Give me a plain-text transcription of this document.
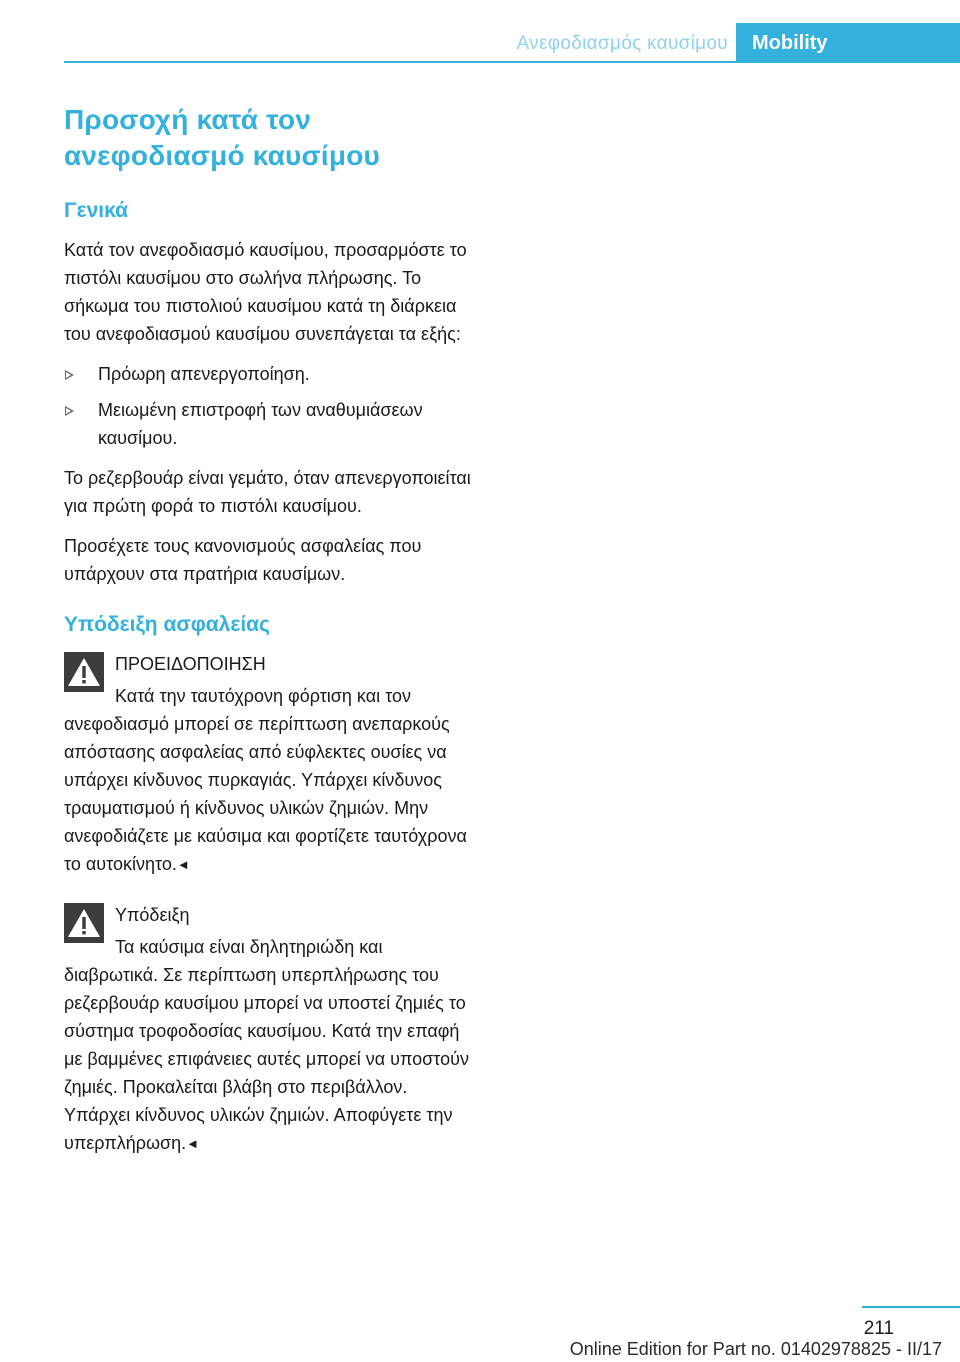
Ανεφοδιασμός καυσίμου	Mobility
Προσοχή κατά τον ανεφοδιασμό καυσίμου
Γενικά

Κατά τον ανεφοδιασμό καυσίμου, προσαρμόστε το πιστόλι καυσίμου στο σωλήνα πλήρωσης. Το σήκωμα του πιστολιού καυσίμου κατά τη διάρκεια του ανεφοδιασμού καυσίμου συνεπάγεται τα εξής:

Πρόωρη απενεργοποίηση.
Μειωμένη επιστροφή των αναθυμιάσεων καυσίμου.

Το ρεζερβουάρ είναι γεμάτο, όταν απενεργοποιείται για πρώτη φορά το πιστόλι καυσίμου.

Προσέχετε τους κανονισμούς ασφαλείας που υπάρχουν στα πρατήρια καυσίμων.

Υπόδειξη ασφαλείας
ΠΡΟΕΙΔΟΠΟΙΗΣΗ

Κατά την ταυτόχρονη φόρτιση και τον ανεφοδιασμό μπορεί σε περίπτωση ανεπαρκούς απόστασης ασφαλείας από εύφλεκτες ουσίες να υπάρχει κίνδυνος πυρκαγιάς. Υπάρχει κίνδυνος τραυματισμού ή κίνδυνος υλικών ζημιών. Μην ανεφοδιάζετε με καύσιμα και φορτίζετε ταυτόχρονα το αυτοκίνητο.◄

Υπόδειξη

Τα καύσιμα είναι δηλητηριώδη και διαβρωτικά. Σε περίπτωση υπερπλήρωσης του ρεζερβουάρ καυσίμου μπορεί να υποστεί ζημιές το σύστημα τροφοδοσίας καυσίμου. Κατά την επαφή με βαμμένες επιφάνειες αυτές μπορεί να υποστούν ζημιές. Προκαλείται βλάβη στο περιβάλλον. Υπάρχει κίνδυνος υλικών ζημιών. Αποφύγετε την υπερπλήρωση.◄

211
Online Edition for Part no. 01402978825 - II/17
